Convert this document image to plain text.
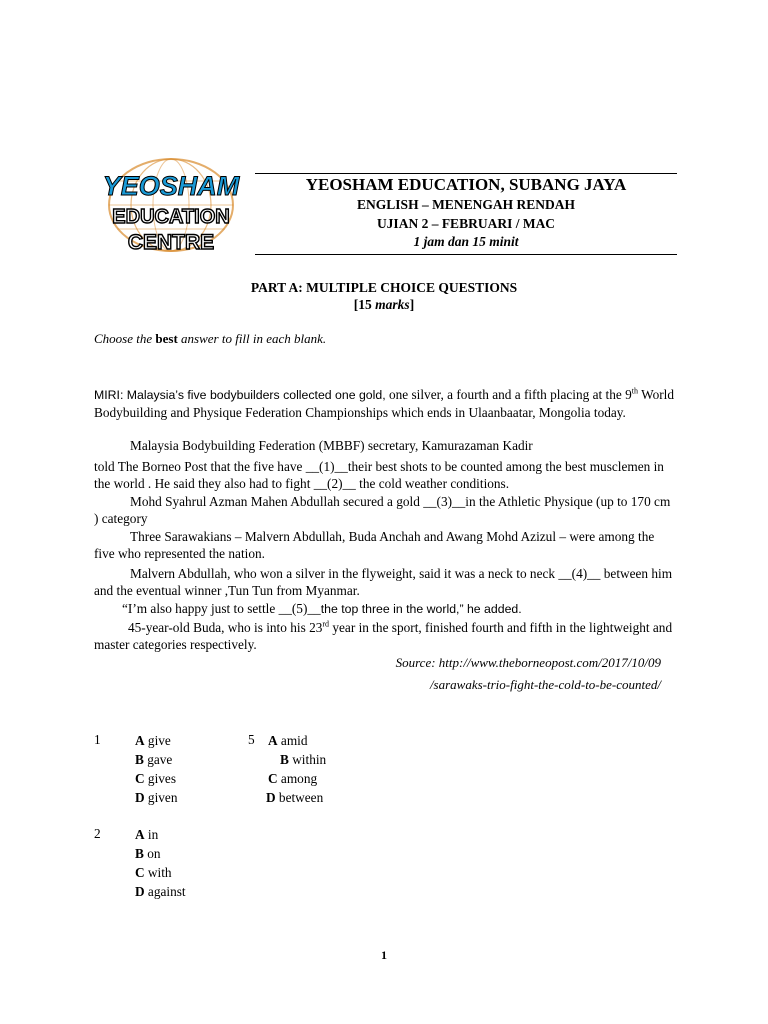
YEOSHAM
EDUCATION
CENTRE
YEOSHAM EDUCATION, SUBANG JAYA
ENGLISH – MENENGAH RENDAH
UJIAN 2 – FEBRUARI / MAC
1 jam dan 15 minit
PART A: MULTIPLE CHOICE QUESTIONS
[15 marks]
Choose the best answer to fill in each blank.
MIRI: Malaysia’s five bodybuilders collected one gold, one silver, a fourth and a fifth placing at the 9th World Bodybuilding and Physique Federation Championships which ends in Ulaanbaatar, Mongolia today.
Malaysia Bodybuilding Federation (MBBF) secretary, Kamurazaman Kadir
told The Borneo Post that the five have __(1)__their best shots to be counted among the best musclemen in the world . He said they also had to fight __(2)__ the cold weather conditions.
Mohd Syahrul Azman Mahen Abdullah secured a gold __(3)__in the Athletic Physique (up to 170 cm ) category
Three Sarawakians – Malvern Abdullah, Buda Anchah and Awang Mohd Azizul – were among the five who represented the nation.
Malvern Abdullah, who won a silver in the flyweight, said it was a neck to neck __(4)__ between him and the eventual winner ,Tun Tun from Myanmar.
“I’m also happy just to settle __(5)__the top three in the world,” he added.
45-year-old Buda, who is into his 23rd year in the sport, finished fourth and fifth in the lightweight and master categories respectively.
Source: http://www.theborneopost.com/2017/10/09
/sarawaks-trio-fight-the-cold-to-be-counted/
1	A give
B gave
C gives
D given
5 A amid
B within
C among
D between
2	A in
B on
C with
D against
1
